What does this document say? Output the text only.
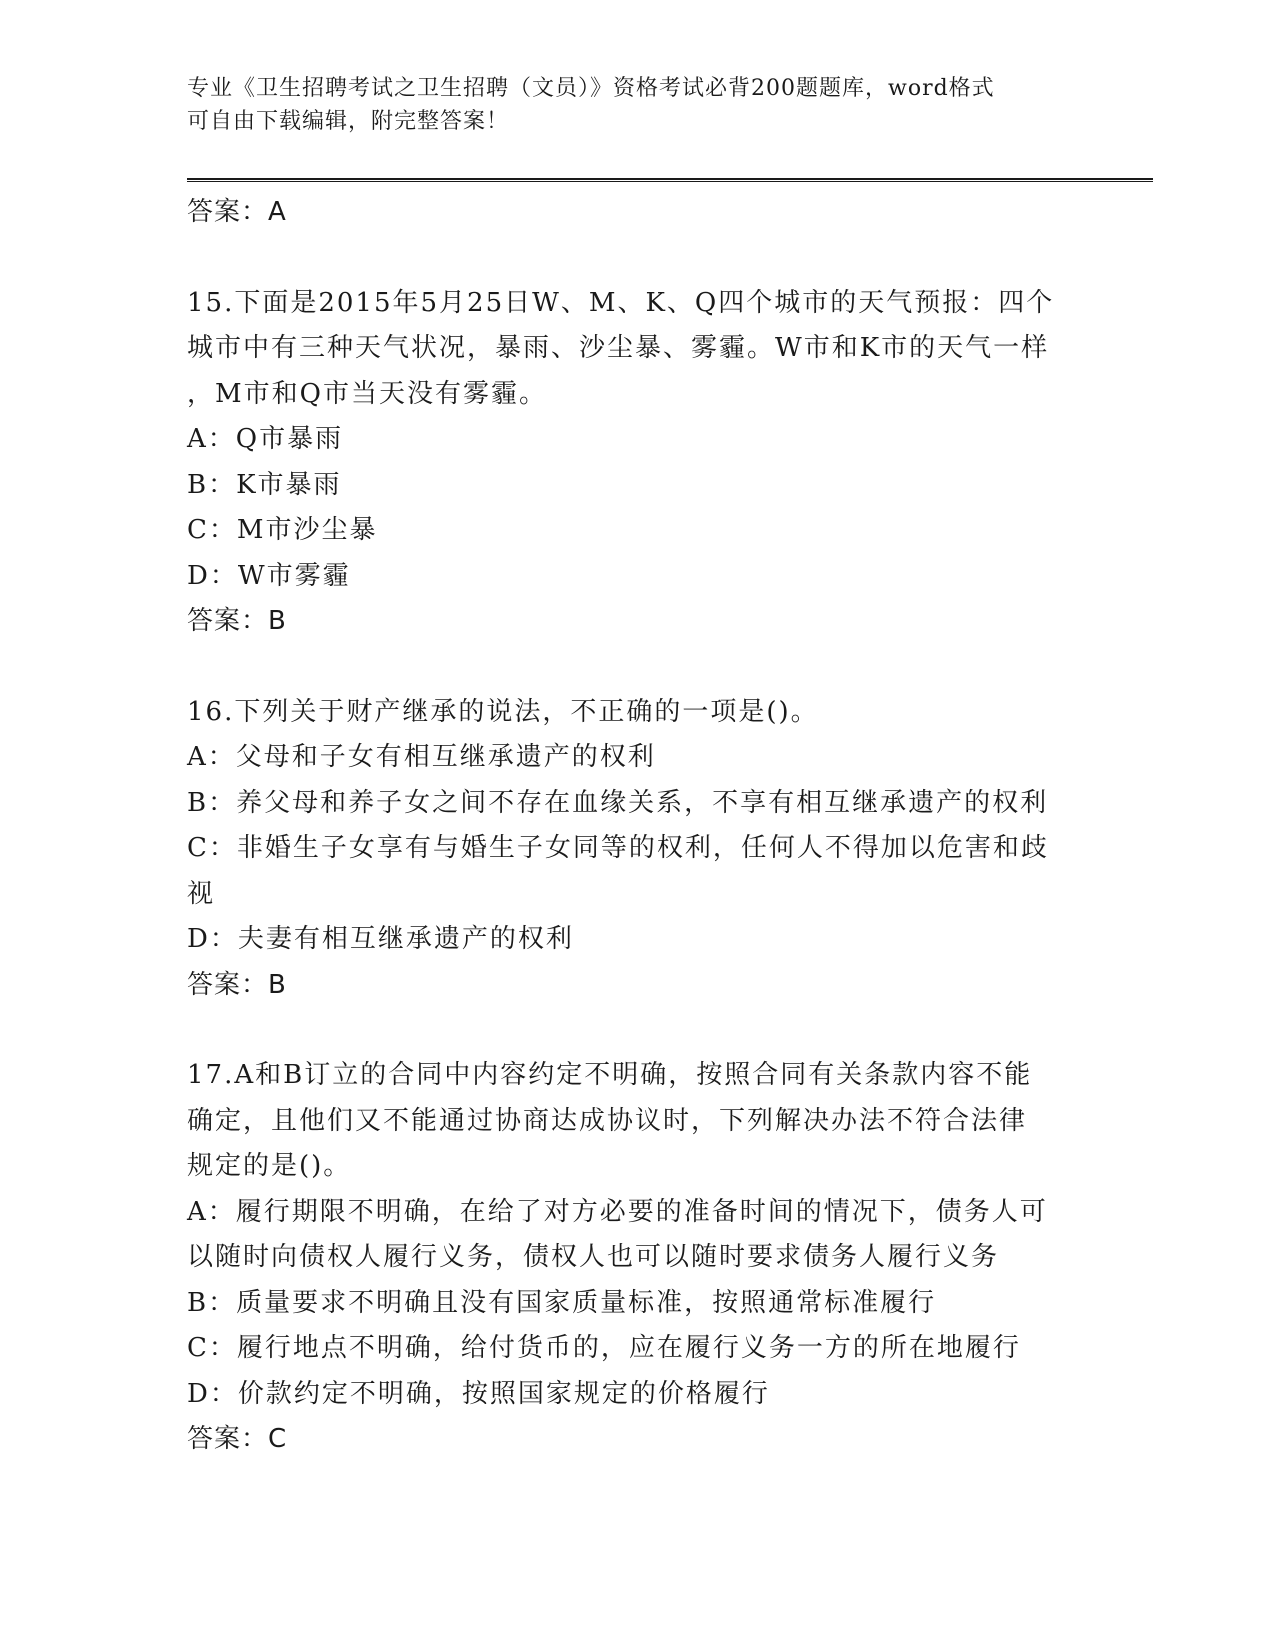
专业《卫生招聘考试之卫生招聘（文员）》资格考试必背200题题库，word格式
可自由下载编辑，附完整答案！
答案：A
15.下面是2015年5月25日W、M、K、Q四个城市的天气预报：四个
城市中有三种天气状况，暴雨、沙尘暴、雾霾。W市和K市的天气一样
，M市和Q市当天没有雾霾。
A：Q市暴雨
B：K市暴雨
C：M市沙尘暴
D：W市雾霾
答案：B
16.下列关于财产继承的说法，不正确的一项是()。
A：父母和子女有相互继承遗产的权利
B：养父母和养子女之间不存在血缘关系，不享有相互继承遗产的权利
C：非婚生子女享有与婚生子女同等的权利，任何人不得加以危害和歧
视
D：夫妻有相互继承遗产的权利
答案：B
17.A和B订立的合同中内容约定不明确，按照合同有关条款内容不能
确定，且他们又不能通过协商达成协议时，下列解决办法不符合法律
规定的是()。
A：履行期限不明确，在给了对方必要的准备时间的情况下，债务人可
以随时向债权人履行义务，债权人也可以随时要求债务人履行义务
B：质量要求不明确且没有国家质量标准，按照通常标准履行
C：履行地点不明确，给付货币的，应在履行义务一方的所在地履行
D：价款约定不明确，按照国家规定的价格履行
答案：C
